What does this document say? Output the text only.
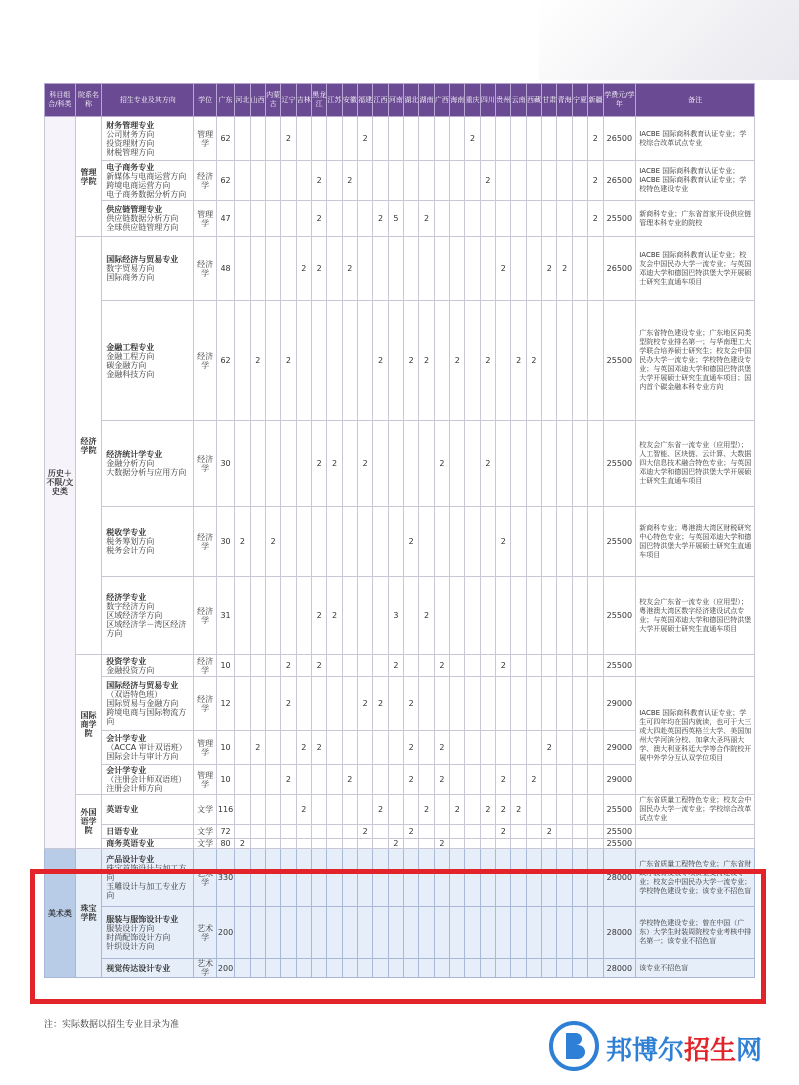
科目组合/科类	院系名称	招生专业及其方向	学位	广东	河北	山西	内蒙古	辽宁	吉林	黑龙江	江苏	安徽	福建	江西	河南	湖北	湖南	广西	海南	重庆	四川	贵州	云南	西藏	甘肃	青海	宁夏	新疆	学费元/学年	备注
历史＋不限/文史类	管理学院	财务管理专业
公司财务方向
投资理财方向
财税管理方向	管理学	62				2					2							2								2	26500	IACBE 国际商科教育认证专业；学校综合改革试点专业

		电子商务专业
新媒体与电商运营方向
跨境电商运营方向
电子商务数据分析方向	经济学	62						2		2									2							2	26500	IACBE 国际商科教育认证专业；IACBE 国际商科教育认证专业；学校特色建设专业

		供应链管理专业
供应链数据分析方向
全球供应链管理方向	管理学	47						2				2	5		2											2	25500	新商科专业；广东省首家开设供应链管理本科专业的院校
	经济学院	国际经济与贸易专业
数字贸易方向
国际商务方向	经济学	48					2	2		2										2			2	2			26500	IACBE 国际商科教育认证专业；校友会中国民办大学一流专业；与英国邓迪大学和德国巴特洪堡大学开展硕士研究生直通车项目

		金融工程专业
金融工程方向
碳金融方向
金融科技方向	经济学	62		2		2						2		2	2		2		2		2	2					25500	广东省特色建设专业；广东地区同类型院校专业排名第一；与华南理工大学联合培养硕士研究生；校友会中国民办大学一流专业；学校特色建设专业；与英国邓迪大学和德国巴特洪堡大学开展硕士研究生直通车项目；国内首个碳金融本科专业方向

		经济统计学专业
金融分析方向
大数据分析与应用方向	经济学	30						2	2		2					2			2								25500	校友会广东省一流专业（应用型）；人工智能、区块链、云计算、大数据四大信息技术融合特色专业；与英国邓迪大学和德国巴特洪堡大学开展硕士研究生直通车项目

		税收学专业
税务筹划方向
税务会计方向	经济学	30	2		2									2						2							25500	新商科专业；粤港澳大湾区财税研究中心特色专业；与英国邓迪大学和德国巴特洪堡大学开展硕士研究生直通车项目

		经济学专业
数字经济方向
区域经济学方向
区域经济学－湾区经济方向	经济学	31						2	2				3		2												25500	校友会广东省一流专业（应用型）；粤港澳大湾区数字经济建设试点专业；与英国邓迪大学和德国巴特洪堡大学开展硕士研究生直通车项目
	国际商学院	投资学专业
金融投资方向	经济学	10				2		2					2			2				2							25500	

		国际经济与贸易专业
（双语特色班）
国际贸易与金融方向
跨境电商与国际物流方向	经济学	12				2					2	2		2													29000	IACBE 国际商科教育认证专业；学生可四年均在国内就读，也可于大三或大四赴英国西英格兰大学、美国加州大学河滨分校、加拿大圣玛丽大学、澳大利亚科廷大学等合作院校开展中外学分互认双学位项目

		会计学专业
（ACCA 审计双语班）
国际会计与审计方向	管理学	10		2			2	2						2		2							2				29000	

		会计学专业
（注册会计师双语班）
注册会计师方向	管理学	10				2				2				2		2				2		2					29000	
	外国语学院	英语专业	文学	116					2					2			2		2		2	2	2						25500	广东省质量工程特色专业；校友会中国民办大学一流专业；学校综合改革试点专业

		日语专业	文学	72									2			2						2			2				25500	

		商务英语专业	文学	80	2										2			2											25500	
美术类	珠宝学院	产品设计专业
珠宝首饰设计与加工方向
玉雕设计与加工专业方向	艺术学	330																									28000	广东省质量工程特色专业；广东省财政厅教育发展专项资金支持建设专业；校友会中国民办大学一流专业；学校特色建设专业；该专业不招色盲

		服装与服饰设计专业
服装设计方向
时尚配饰设计方向
针织设计方向	艺术学	200																									28000	学校特色建设专业；曾在中国（广东）大学生时装周院校专业考核中排名第一；该专业不招色盲

		视觉传达设计专业	艺术学	200																									28000	该专业不招色盲
注：实际数据以招生专业目录为准
邦博尔招生网
